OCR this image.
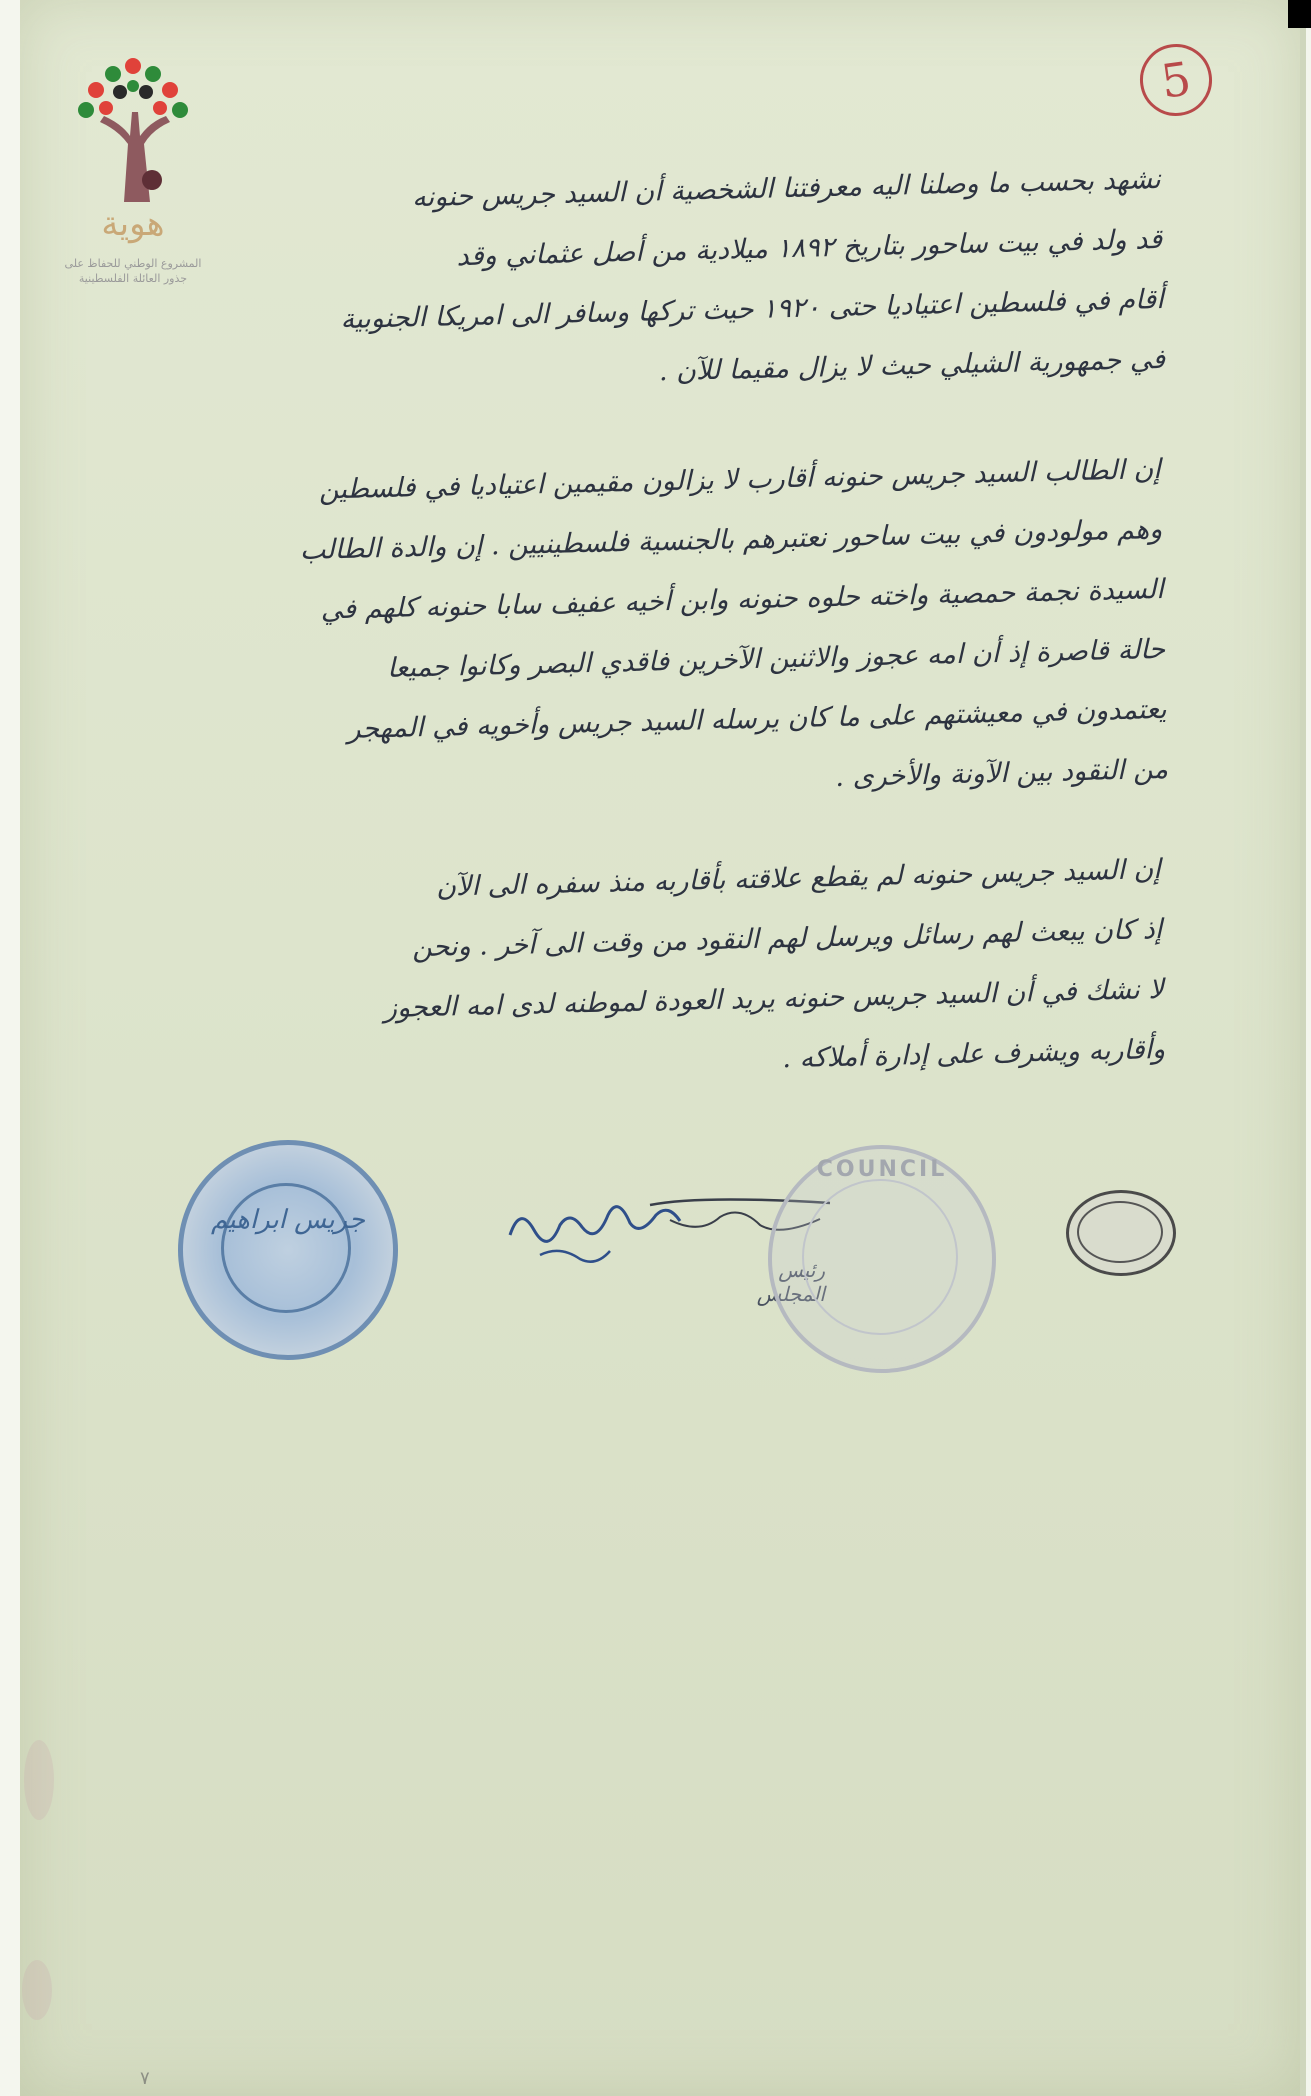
هوية
المشروع الوطني للحفاظ على
جذور العائلة الفلسطينية
5
نشهد بحسب ما وصلنا اليه معرفتنا الشخصية أن السيد جريس حنونه
قد ولد في بيت ساحور بتاريخ ١٨٩٢ ميلادية من أصل عثماني وقد
أقام في فلسطين اعتياديا حتى ١٩٢٠ حيث تركها وسافر الى امريكا الجنوبية
في جمهورية الشيلي حيث لا يزال مقيما للآن .
إن الطالب السيد جريس حنونه أقارب لا يزالون مقيمين اعتياديا في فلسطين
وهم مولودون في بيت ساحور نعتبرهم بالجنسية فلسطينيين . إن والدة الطالب
السيدة نجمة حمصية واخته حلوه حنونه وابن أخيه عفيف سابا حنونه كلهم في
حالة قاصرة إذ أن امه عجوز والاثنين الآخرين فاقدي البصر وكانوا جميعا
يعتمدون في معيشتهم على ما كان يرسله السيد جريس وأخويه في المهجر
من النقود بين الآونة والأخرى .
إن السيد جريس حنونه لم يقطع علاقته بأقاربه منذ سفره الى الآن
إذ كان يبعث لهم رسائل ويرسل لهم النقود من وقت الى آخر . ونحن
لا نشك في أن السيد جريس حنونه يريد العودة لموطنه لدى امه العجوز
وأقاربه ويشرف على إدارة أملاكه .
جريس ابراهيم
رئيس المجلس
COUNCIL
٧
